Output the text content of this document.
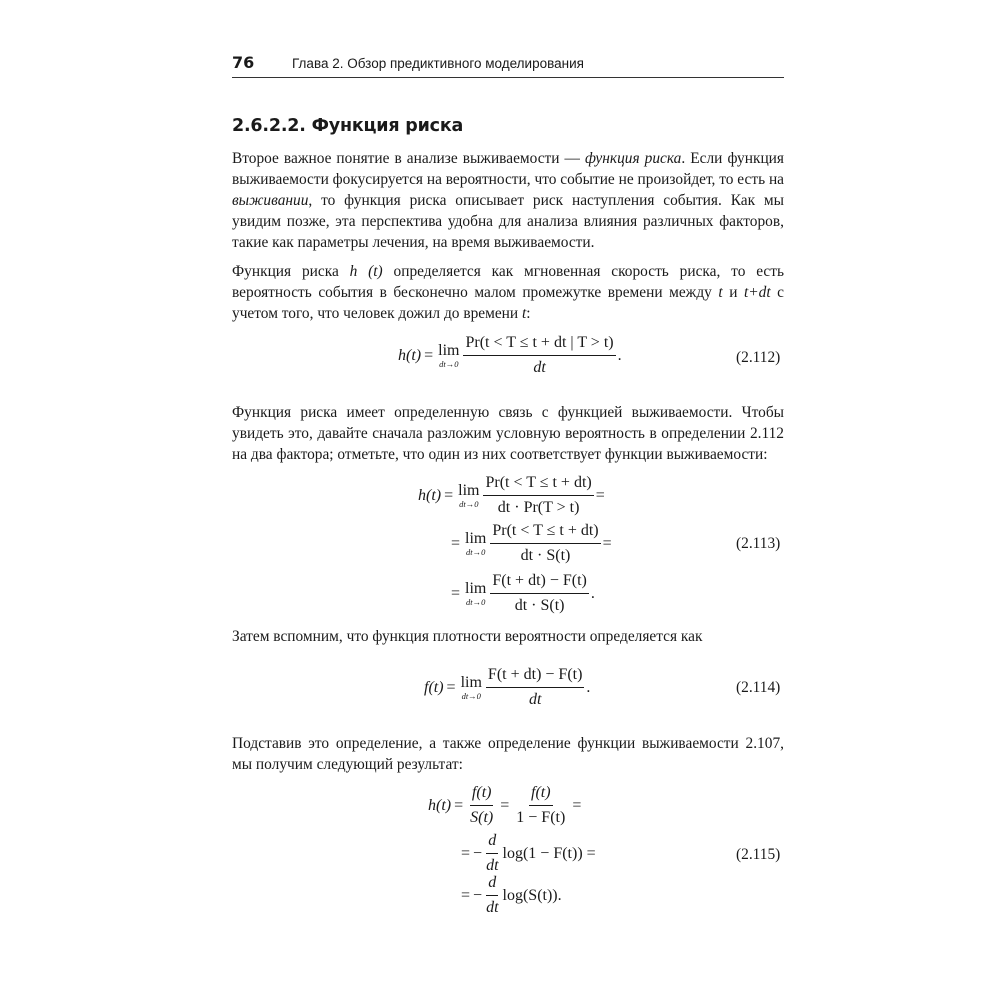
76	Глава 2. Обзор предиктивного моделирования
2.6.2.2. Функция риска

Второе важное понятие в анализе выживаемости — функция риска. Если функция выживаемости фокусируется на вероятности, что событие не произойдет, то есть на выживании, то функция риска описывает риск наступления события. Как мы увидим позже, эта перспектива удобна для анализа влияния различных факторов, такие как параметры лечения, на время выживаемости.

Функция риска h (t) определяется как мгновенная скорость риска, то есть вероятность события в бесконечно малом промежутке времени между t и t+dt с учетом того, что человек дожил до времени t:

h(t) = lim
$dt\to 0 \frac{Pr(t < T \le t + dt | T > t)}{dt}$ .	(2.112)

Функция риска имеет определенную связь с функцией выживаемости. Чтобы увидеть это, давайте сначала разложим условную вероятность в определении 2.112 на два фактора; отметьте, что один из них соответствует функции выживаемости:

h(t) = lim
$dt\to 0 \frac{Pr(t < T \le t + dt)}{dt \cdot Pr(T > t)}$ =
= lim
$dt\to 0 \frac{Pr(t < T \le t + dt)}{dt \cdot S(t)}$ =
= lim
$dt\to 0 \frac{F(t + dt) - F(t)}{dt \cdot S(t)}$ .
(2.113)

Затем вспомним, что функция плотности вероятности определяется как

f(t) = lim
$dt\to 0 \frac{F(t + dt) - F(t)}{dt}$ .	(2.114)

Подставив это определение, а также определение функции выживаемости 2.107, мы получим следующий результат:

$h(t) = \frac{f(t)}{S(t)} = \frac{f(t)}{1 - F(t)}$ =
= − $\frac{d}{dt} \log(1 - F(t))$ =
= − $\frac{d}{dt} \log(S(t))$.
(2.115)
